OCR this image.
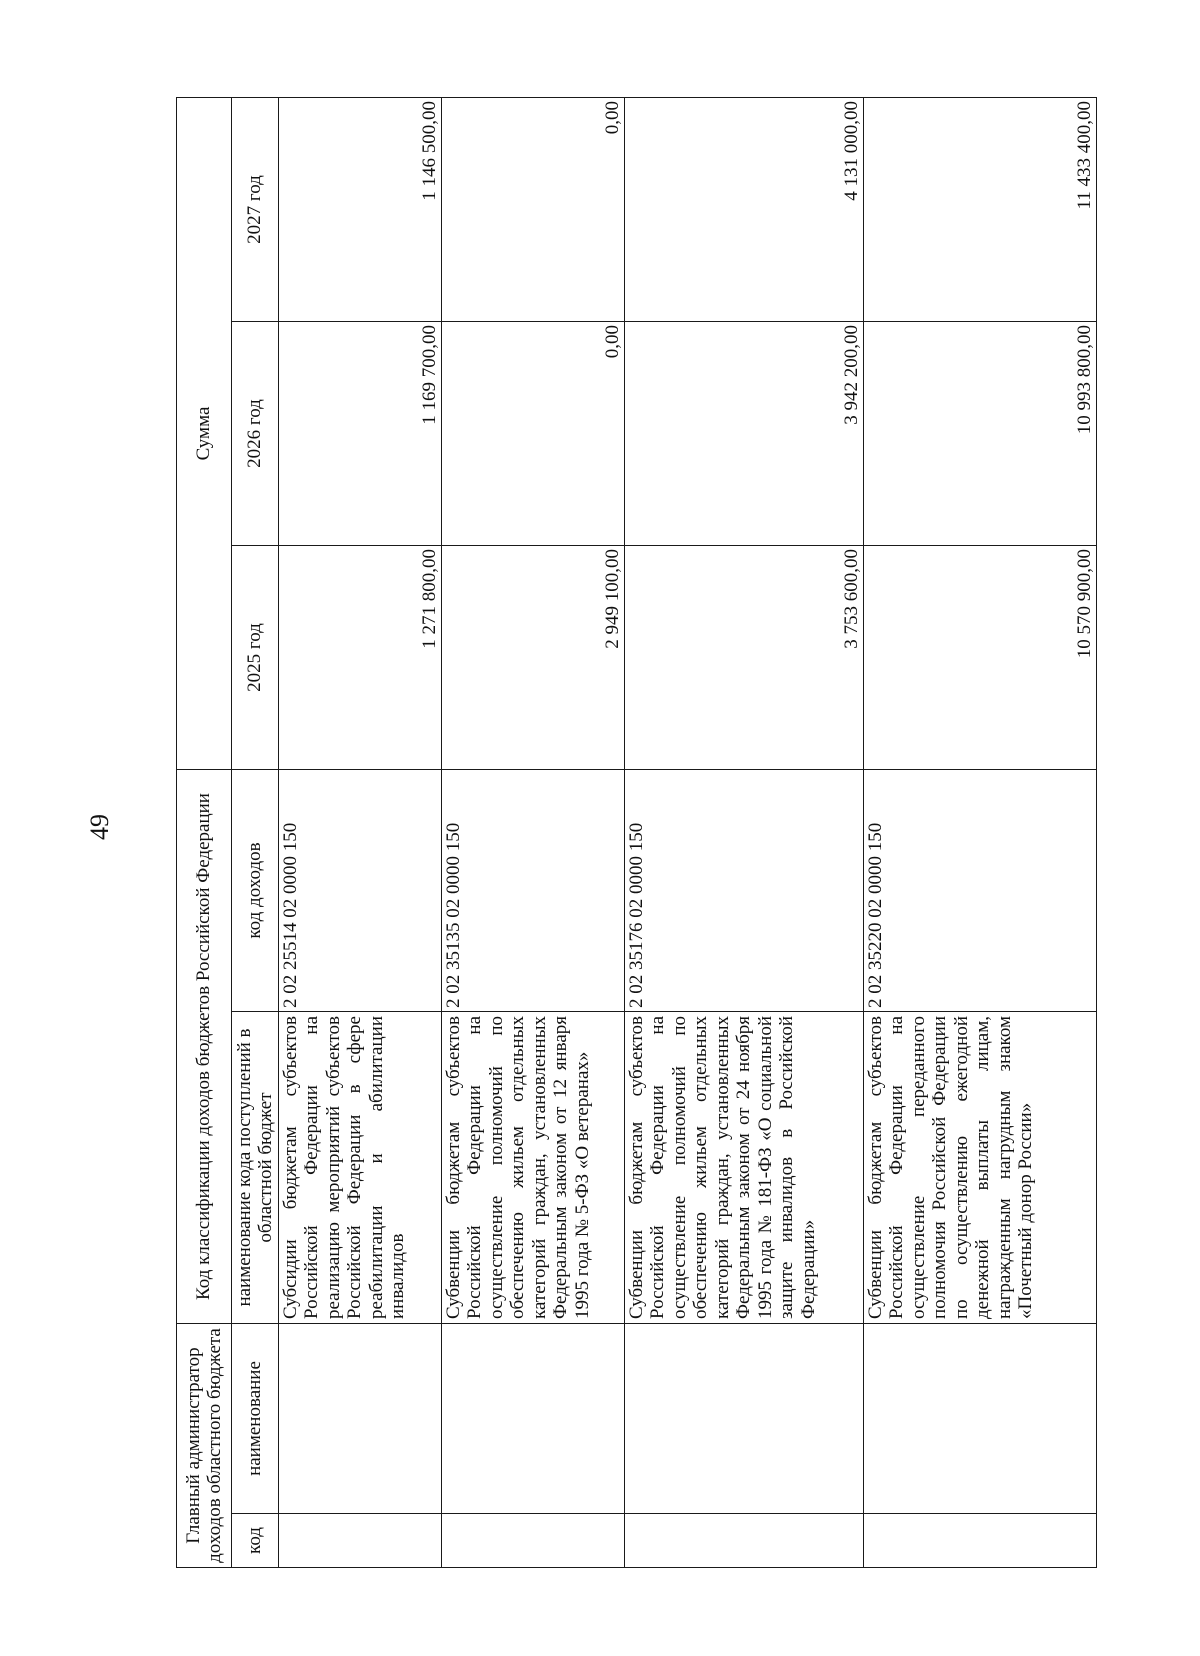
49
Главный администратор доходов областного бюджета		Код классификации доходов бюджетов Российской Федерации		Сумма		
код	наименование	наименование кода поступлений в областной бюджет	код доходов	2025 год	2026 год	2027 год
		Субсидии бюджетам субъектов Российской Федерации на реализацию мероприятий субъектов Российской Федерации в сфере реабилитации и абилитации инвалидов	2 02 25514 02 0000 150	1 271 800,00	1 169 700,00	1 146 500,00
		Субвенции бюджетам субъектов Российской Федерации на осуществление полномочий по обеспечению жильем отдельных категорий граждан, установленных Федеральным законом от 12 января 1995 года № 5-ФЗ «О ветеранах»	2 02 35135 02 0000 150	2 949 100,00	0,00	0,00
		Субвенции бюджетам субъектов Российской Федерации на осуществление полномочий по обеспечению жильем отдельных категорий граждан, установленных Федеральным законом от 24 ноября 1995 года № 181-ФЗ «О социальной защите инвалидов в Российской Федерации»	2 02 35176 02 0000 150	3 753 600,00	3 942 200,00	4 131 000,00
		Субвенции бюджетам субъектов Российской Федерации на осуществление переданного полномочия Российской Федерации по осуществлению ежегодной денежной выплаты лицам, награжденным нагрудным знаком «Почетный донор России»	2 02 35220 02 0000 150	10 570 900,00	10 993 800,00	11 433 400,00
